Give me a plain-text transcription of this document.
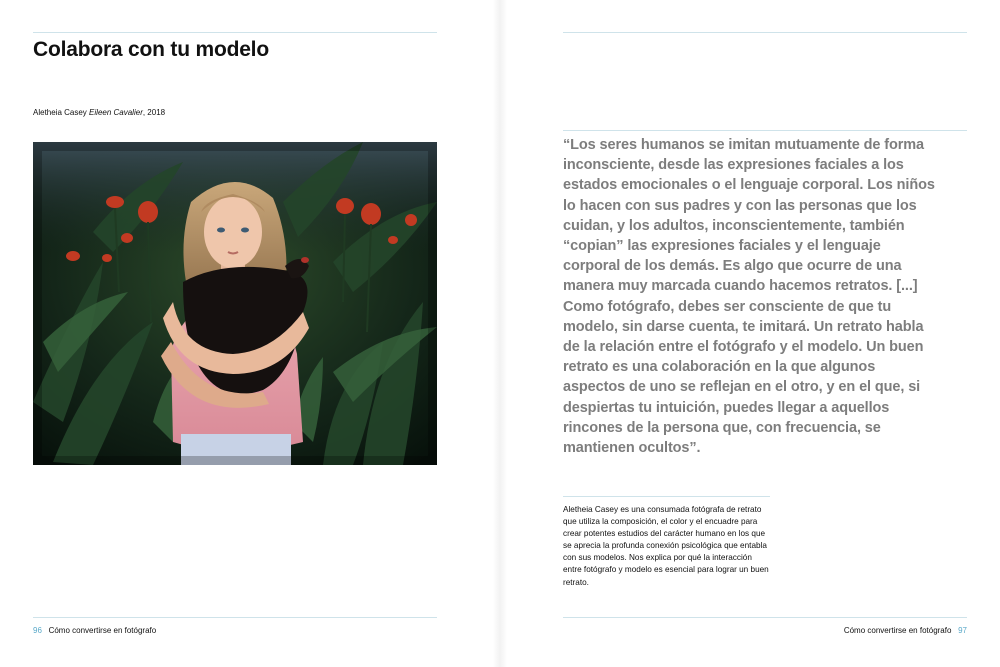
Colabora con tu modelo
Aletheia Casey Eileen Cavalier, 2018
96 Cómo convertirse en fotógrafo	Cómo convertirse en fotógrafo 97

“Los seres humanos se imitan mutuamente de forma inconsciente, desde las expresiones faciales a los estados emocionales o el lenguaje corporal. Los niños lo hacen con sus padres y con las personas que los cuidan, y los adultos, inconscientemente, también “copian” las expresiones faciales y el lenguaje corporal de los demás. Es algo que ocurre de una manera muy marcada cuando hacemos retratos. [...] Como fotógrafo, debes ser consciente de que tu modelo, sin darse cuenta, te imitará. Un retrato habla de la relación entre el fotógrafo y el modelo. Un buen retrato es una colaboración en la que algunos aspectos de uno se reflejan en el otro, y en el que, si despiertas tu intuición, puedes llegar a aquellos rincones de la persona que, con frecuencia, se mantienen ocultos”.

Aletheia Casey es una consumada fotógrafa de retrato que utiliza la composición, el color y el encuadre para crear potentes estudios del carácter humano en los que se aprecia la profunda conexión psicológica que entabla con sus modelos. Nos explica por qué la interacción entre fotógrafo y modelo es esencial para lograr un buen retrato.
